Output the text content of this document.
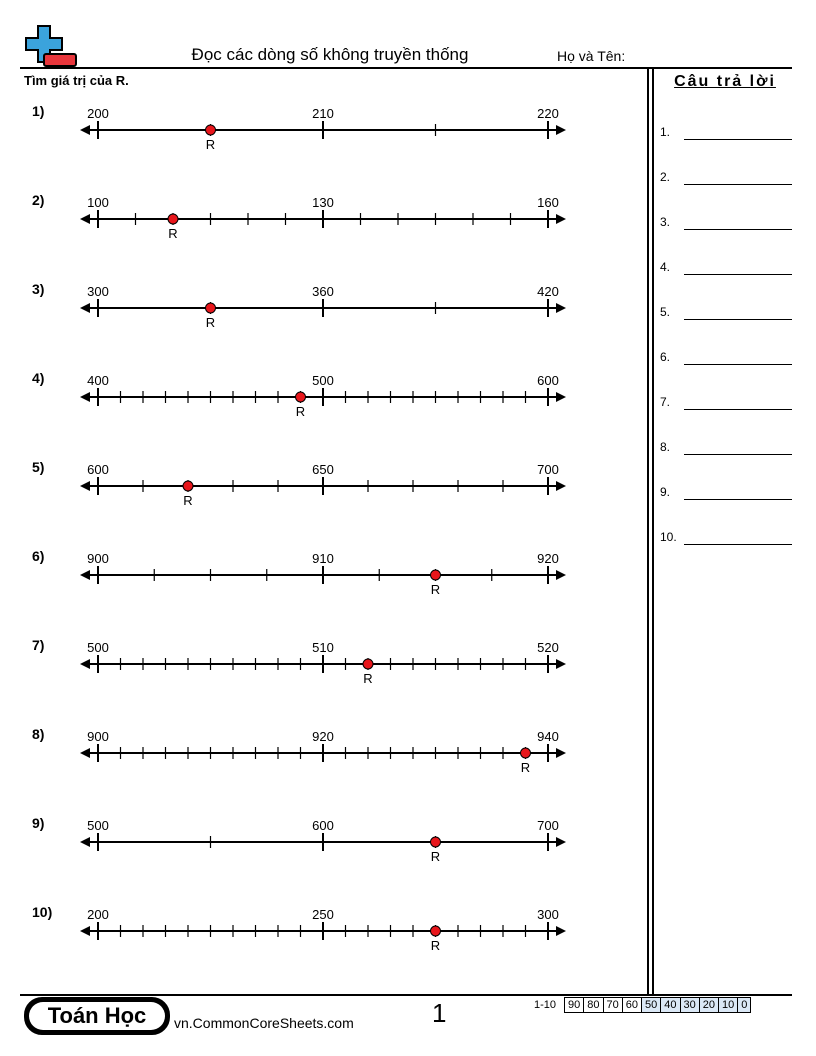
Đọc các dòng số không truyền thống	Họ và Tên:
Tìm giá trị của R.	Câu trả lời
1.
2.
3.
4.
5.
6.
7.
8.
9.
10.
1)	200	210	220
R
2)	100	130	160
R
3)	300	360	420
R
4)	400	500	600
R
5)	600	650	700
R
6)	900	910	920
R
7)	500	510	520
R
8)	900	920	940
R
9)	500	600	700
R
10)	200	250	300
R
Toán Học	vn.CommonCoreSheets.com	1	1-10 90	80	70	60	50	40	30	20	10	0
